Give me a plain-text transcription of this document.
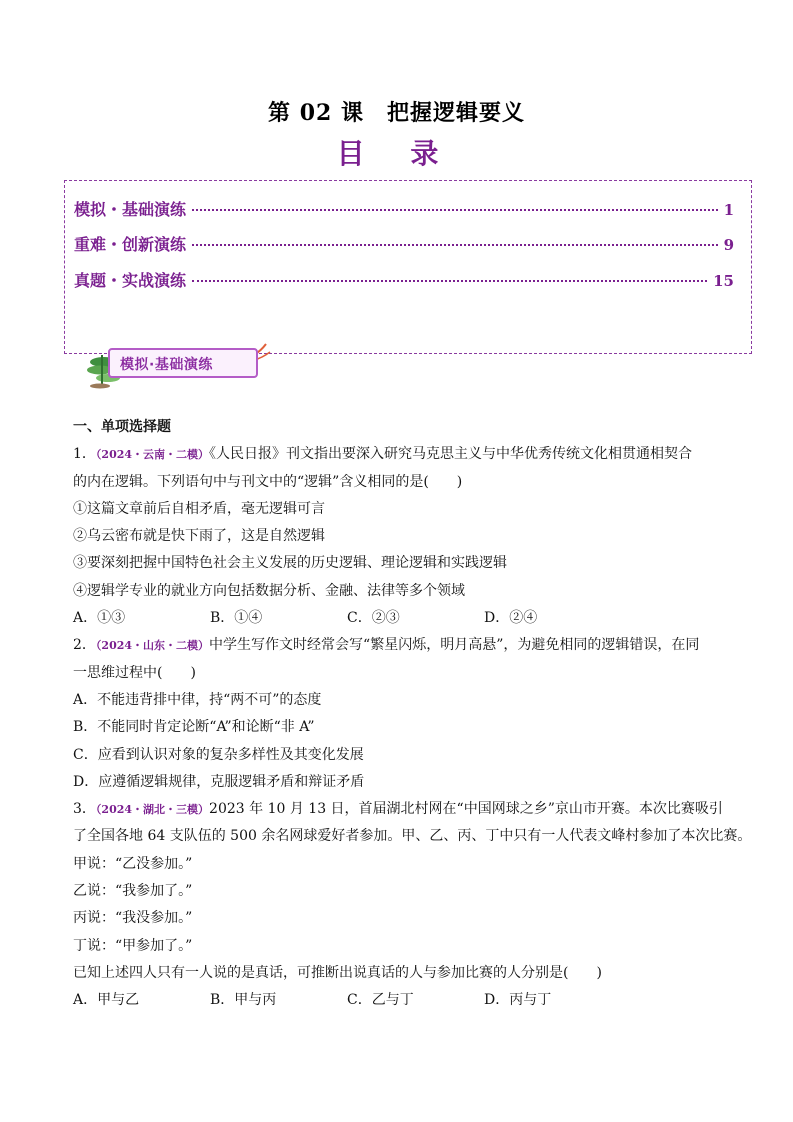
第 02 课　把握逻辑要义
目 录
模拟・基础演练	1
重难・创新演练	9
真题・实战演练	15
模拟·基础演练
一、单项选择题
1．（2024・云南・二模）《人民日报》刊文指出要深入研究马克思主义与中华优秀传统文化相贯通相契合
的内在逻辑。下列语句中与刊文中的“逻辑”含义相同的是(　　)
①这篇文章前后自相矛盾，毫无逻辑可言
②乌云密布就是快下雨了，这是自然逻辑
③要深刻把握中国特色社会主义发展的历史逻辑、理论逻辑和实践逻辑
④逻辑学专业的就业方向包括数据分析、金融、法律等多个领域
A．①③	B．①④	C．②③	D．②④
2．（2024・山东・二模）中学生写作文时经常会写“繁星闪烁，明月高悬”，为避免相同的逻辑错误，在同
一思维过程中(　　)
A．不能违背排中律，持“两不可”的态度
B．不能同时肯定论断“A”和论断“非 A”
C．应看到认识对象的复杂多样性及其变化发展
D．应遵循逻辑规律，克服逻辑矛盾和辩证矛盾
3．（2024・湖北・三模）2023 年 10 月 13 日，首届湖北村网在“中国网球之乡”京山市开赛。本次比赛吸引
了全国各地 64 支队伍的 500 余名网球爱好者参加。甲、乙、丙、丁中只有一人代表文峰村参加了本次比赛。
甲说：“乙没参加。”
乙说：“我参加了。”
丙说：“我没参加。”
丁说：“甲参加了。”
已知上述四人只有一人说的是真话，可推断出说真话的人与参加比赛的人分别是(　　)
A．甲与乙	B．甲与丙	C．乙与丁	D．丙与丁
